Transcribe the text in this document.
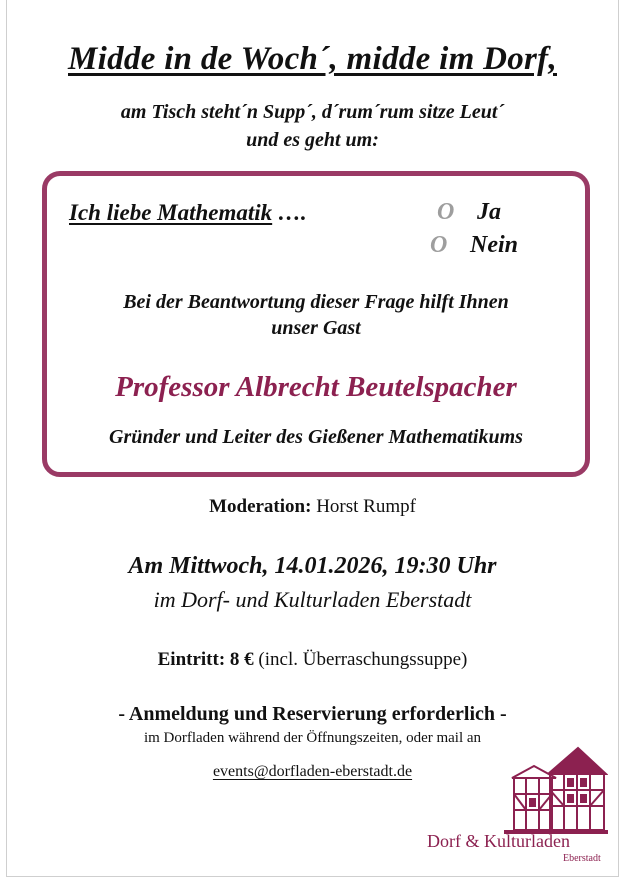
Midde in de Woch´, midde im Dorf,
am Tisch steht´n Supp´, d´rum´rum sitze Leut´
und es geht um:
Ich liebe Mathematik ….	O Ja
O Nein
Bei der Beantwortung dieser Frage hilft Ihnen
unser Gast
Professor Albrecht Beutelspacher
Gründer und Leiter des Gießener Mathematikums
Moderation: Horst Rumpf
Am Mittwoch, 14.01.2026, 19:30 Uhr
im Dorf- und Kulturladen Eberstadt
Eintritt: 8 € (incl. Überraschungssuppe)
- Anmeldung und Reservierung erforderlich -
im Dorfladen während der Öffnungszeiten, oder mail an
events@dorfladen-eberstadt.de
Dorf & Kulturladen
Eberstadt
